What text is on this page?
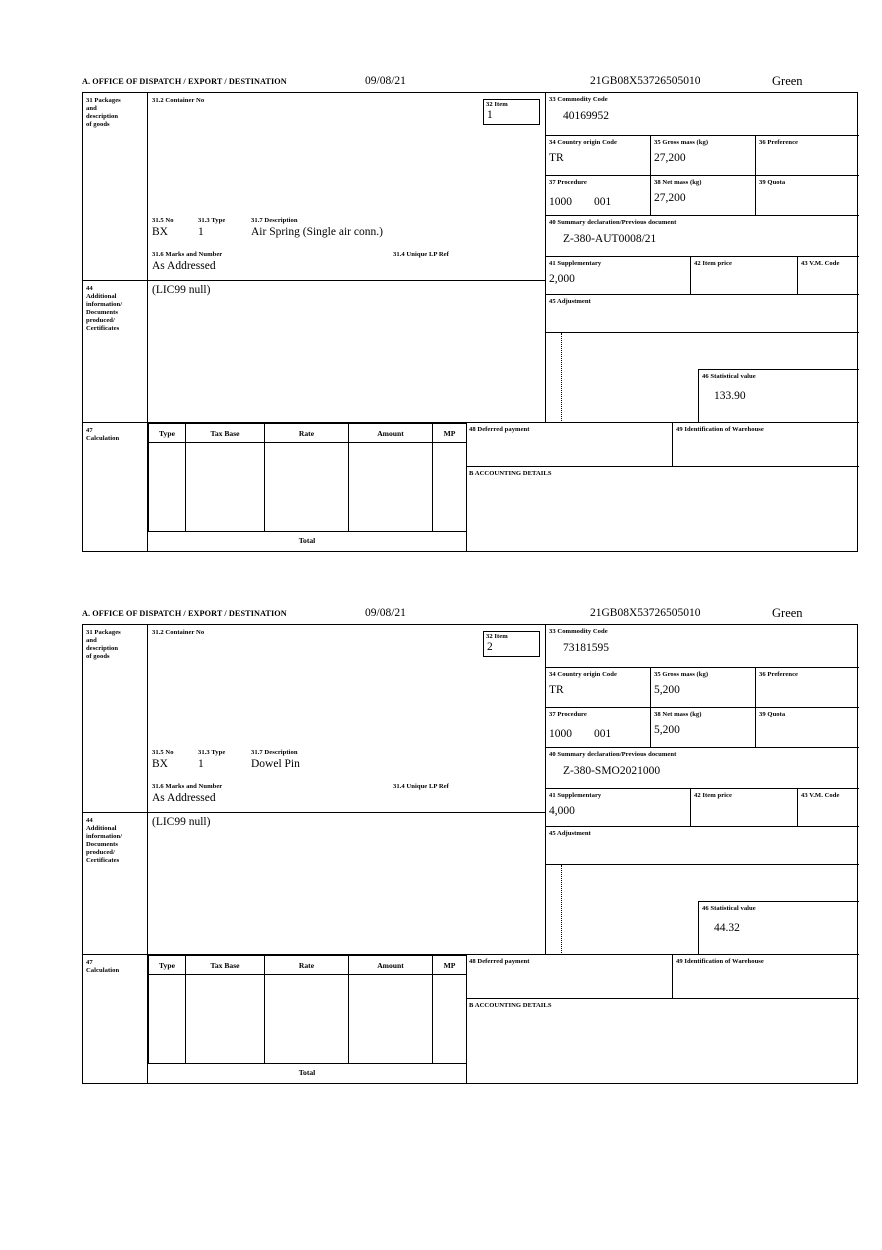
A. OFFICE OF DISPATCH / EXPORT / DESTINATION	09/08/21	21GB08X53726505010	Green
31 Packages
and
description
of goods
31.2 Container No
31.5 No	31.3 Type	31.7 Description
BX	1	Air Spring (Single air conn.)
31.6 Marks and Number	31.4 Unique LP Ref
As Addressed
32 Item
1
33 Commodity Code
40169952
34 Country origin Code
TR
35 Gross mass (kg)
27,200
36 Preference
37 Procedure
1000 001
38 Net mass (kg)
27,200
39 Quota
40 Summary declaration/Previous document
Z-380-AUT0008/21
41 Supplementary
2,000
42 Item price	43 V.M. Code
44
Additional
information/
Documents
produced/
Certificates
(LIC99 null)
45 Adjustment
46 Statistical value
133.90
47
Calculation
Type	Tax Base	Rate	Amount	MP
Total
48 Deferred payment	49 Identification of Warehouse
B ACCOUNTING DETAILS
A. OFFICE OF DISPATCH / EXPORT / DESTINATION	09/08/21	21GB08X53726505010	Green
31 Packages
and
description
of goods
31.2 Container No
31.5 No	31.3 Type	31.7 Description
BX	1	Dowel Pin
31.6 Marks and Number	31.4 Unique LP Ref
As Addressed
32 Item
2
33 Commodity Code
73181595
34 Country origin Code
TR
35 Gross mass (kg)
5,200
36 Preference
37 Procedure
1000 001
38 Net mass (kg)
5,200
39 Quota
40 Summary declaration/Previous document
Z-380-SMO2021000
41 Supplementary
4,000
42 Item price	43 V.M. Code
44
Additional
information/
Documents
produced/
Certificates
(LIC99 null)
45 Adjustment
46 Statistical value
44.32
47
Calculation
Type	Tax Base	Rate	Amount	MP
Total
48 Deferred payment	49 Identification of Warehouse
B ACCOUNTING DETAILS
